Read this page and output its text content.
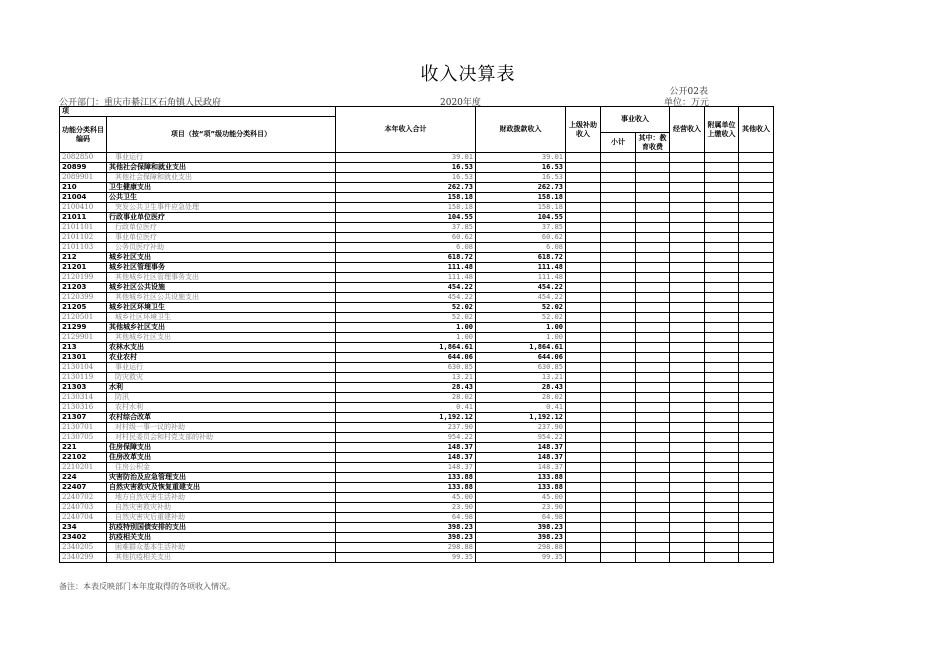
收入决算表
公开02表
公开部门：重庆市綦江区石角镇人民政府	2020年度	单位：万元
项		本年收入合计	财政拨款收入	上级补助收入	事业收入		经营收入	附属单位上缴收入	其他收入
功能分类科目编码	项目（按“项”级功能分类科目）								
					小计	其中：教育收费			
2082850	事业运行	39.01	39.01						
20899	其他社会保障和就业支出	16.53	16.53						
2089901	其他社会保障和就业支出	16.53	16.53						
210	卫生健康支出	262.73	262.73						
21004	公共卫生	158.18	158.18						
2100410	突发公共卫生事件应急处理	158.18	158.18						
21011	行政事业单位医疗	104.55	104.55						
2101101	行政单位医疗	37.85	37.85						
2101102	事业单位医疗	60.62	60.62						
2101103	公务员医疗补助	6.08	6.08						
212	城乡社区支出	618.72	618.72						
21201	城乡社区管理事务	111.48	111.48						
2120199	其他城乡社区管理事务支出	111.48	111.48						
21203	城乡社区公共设施	454.22	454.22						
2120399	其他城乡社区公共设施支出	454.22	454.22						
21205	城乡社区环境卫生	52.02	52.02						
2120501	城乡社区环境卫生	52.02	52.02						
21299	其他城乡社区支出	1.00	1.00						
2129901	其他城乡社区支出	1.00	1.00						
213	农林水支出	1,864.61	1,864.61						
21301	农业农村	644.06	644.06						
2130104	事业运行	630.85	630.85						
2130119	防灾救灾	13.21	13.21						
21303	水利	28.43	28.43						
2130314	防汛	28.02	28.02						
2130316	农村水利	0.41	0.41						
21307	农村综合改革	1,192.12	1,192.12						
2130701	对村级一事一议的补助	237.90	237.90						
2130705	对村民委员会和村党支部的补助	954.22	954.22						
221	住房保障支出	148.37	148.37						
22102	住房改革支出	148.37	148.37						
2210201	住房公积金	148.37	148.37						
224	灾害防治及应急管理支出	133.88	133.88						
22407	自然灾害救灾及恢复重建支出	133.88	133.88						
2240702	地方自然灾害生活补助	45.00	45.00						
2240703	自然灾害救灾补助	23.90	23.90						
2240704	自然灾害灾后重建补助	64.98	64.98						
234	抗疫特别国债安排的支出	398.23	398.23						
23402	抗疫相关支出	398.23	398.23						
2340205	困难群众基本生活补助	298.88	298.88						
2340299	其他抗疫相关支出	99.35	99.35						
备注：本表反映部门本年度取得的各项收入情况。
